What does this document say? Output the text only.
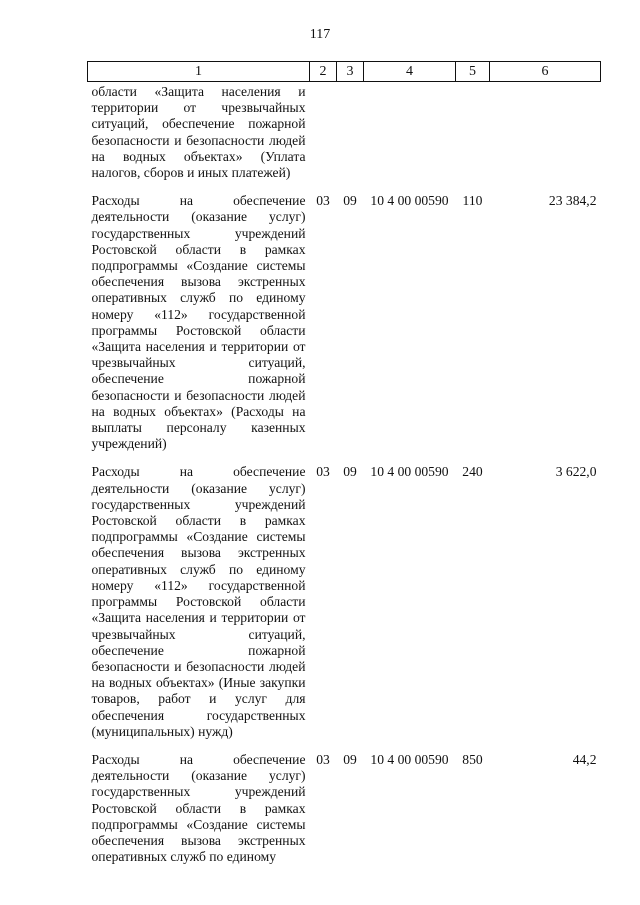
117
1	2	3	4	5	6
области «Защита населения и территории от чрезвычайных ситуаций, обеспечение пожарной безопасности и безопасности людей на водных объектах» (Уплата налогов, сборов и иных платежей)					
Расходы на обеспечение деятельности (оказание услуг) государственных учреждений Ростовской области в рамках подпрограммы «Создание системы обеспечения вызова экстренных оперативных служб по единому номеру «112» государственной программы Ростовской области «Защита населения и территории от чрезвычайных ситуаций, обеспечение пожарной безопасности и безопасности людей на водных объектах» (Расходы на выплаты персоналу казенных учреждений)	03	09	10 4 00 00590	110	23 384,2
Расходы на обеспечение деятельности (оказание услуг) государственных учреждений Ростовской области в рамках подпрограммы «Создание системы обеспечения вызова экстренных оперативных служб по единому номеру «112» государственной программы Ростовской области «Защита населения и территории от чрезвычайных ситуаций, обеспечение пожарной безопасности и безопасности людей на водных объектах» (Иные закупки товаров, работ и услуг для обеспечения государственных (муниципальных) нужд)	03	09	10 4 00 00590	240	3 622,0
Расходы на обеспечение деятельности (оказание услуг) государственных учреждений Ростовской области в рамках подпрограммы «Создание системы обеспечения вызова экстренных оперативных служб по единому	03	09	10 4 00 00590	850	44,2
